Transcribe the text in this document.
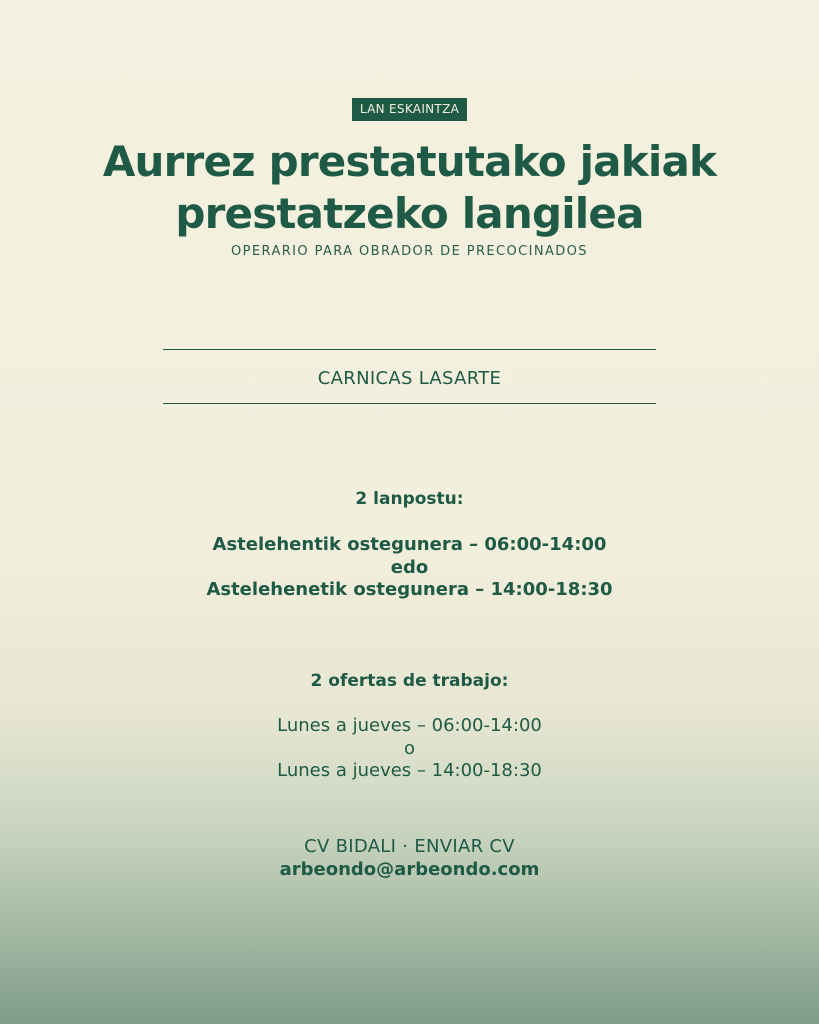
LAN ESKAINTZA
Aurrez prestatutako jakiak
prestatzeko langilea
OPERARIO PARA OBRADOR DE PRECOCINADOS
CARNICAS LASARTE
2 lanpostu:
Astelehentik ostegunera – 06:00-14:00
edo
Astelehenetik ostegunera – 14:00-18:30
2 ofertas de trabajo:
Lunes a jueves – 06:00-14:00
o
Lunes a jueves – 14:00-18:30
CV BIDALI · ENVIAR CV
arbeondo@arbeondo.com
